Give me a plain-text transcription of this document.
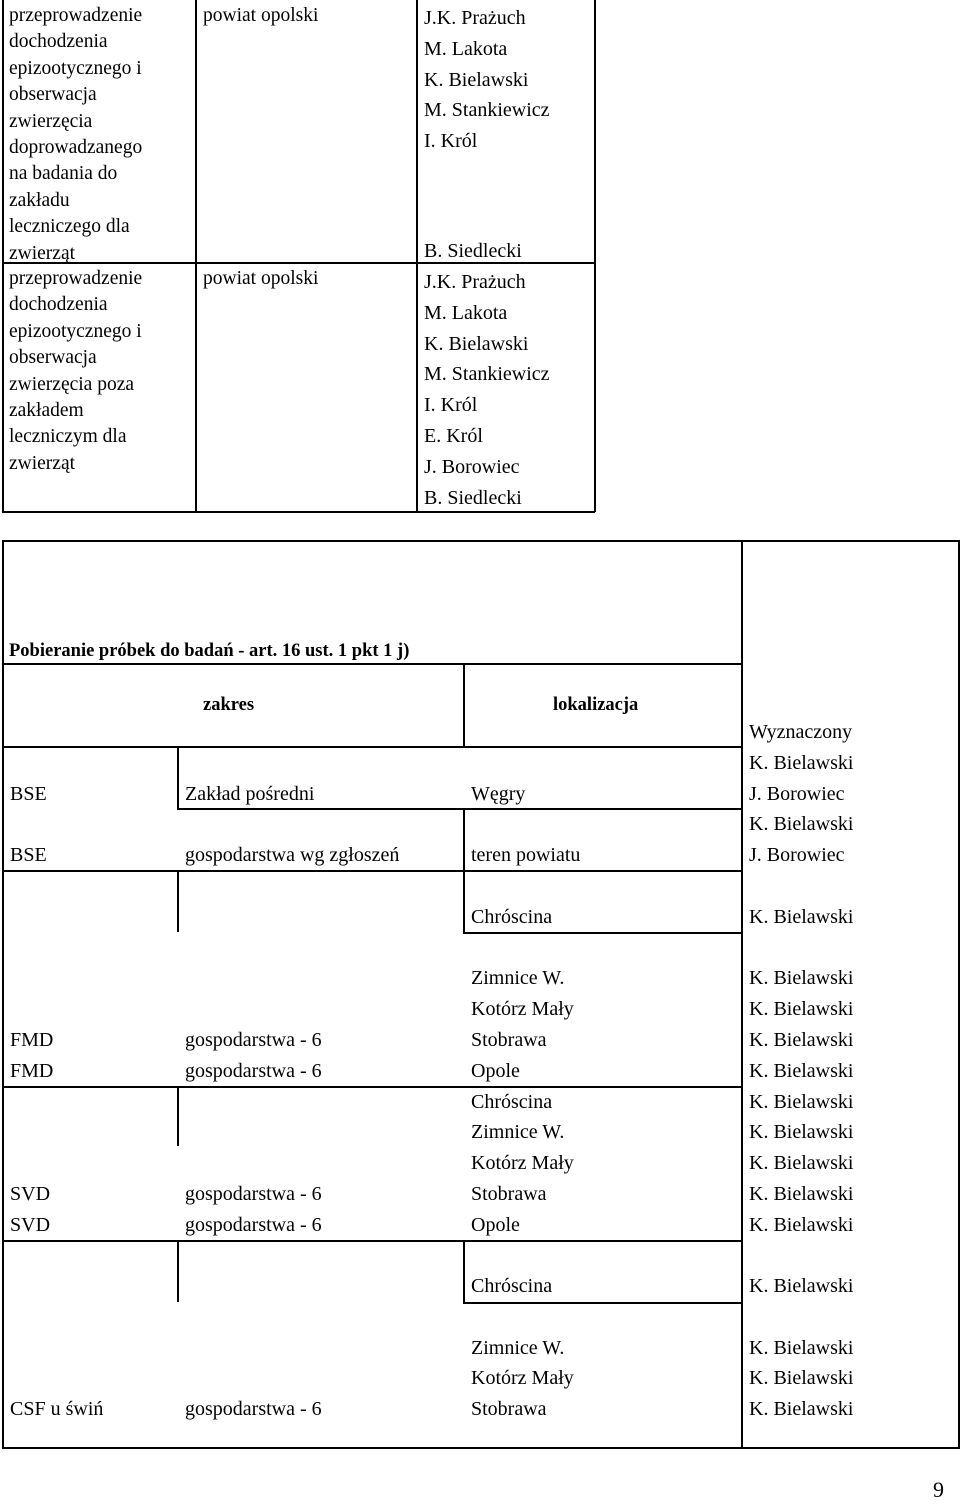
przeprowadzenie
dochodzenia
epizootycznego i
obserwacja
zwierzęcia
doprowadzanego
na badania do
zakładu
leczniczego dla
zwierząt
powiat opolski	J.K. Prażuch
M. Lakota
K. Bielawski
M. Stankiewicz
I. Król
B. Siedlecki
przeprowadzenie
dochodzenia
epizootycznego i
obserwacja
zwierzęcia poza
zakładem
leczniczym dla
zwierząt
powiat opolski	J.K. Prażuch
M. Lakota
K. Bielawski
M. Stankiewicz
I. Król
E. Król
J. Borowiec
B. Siedlecki
Pobieranie próbek do badań - art. 16 ust. 1 pkt 1 j)
zakres	lokalizacja
Wyznaczony
BSE	Zakład pośredni	Węgry
K. Bielawski
J. Borowiec
BSE	gospodarstwa wg zgłoszeń	teren powiatu
K. Bielawski
J. Borowiec
Chróscina	K. Bielawski
Zimnice W.	K. Bielawski
Kotórz Mały	K. Bielawski
FMD	gospodarstwa - 6	Stobrawa	K. Bielawski
FMD	gospodarstwa - 6	Opole	K. Bielawski
Chróscina	K. Bielawski
Zimnice W.	K. Bielawski
Kotórz Mały	K. Bielawski
SVD	gospodarstwa - 6	Stobrawa	K. Bielawski
SVD	gospodarstwa - 6	Opole	K. Bielawski
Chróscina	K. Bielawski
Zimnice W.	K. Bielawski
Kotórz Mały	K. Bielawski
CSF u świń	gospodarstwa - 6	Stobrawa	K. Bielawski
9
